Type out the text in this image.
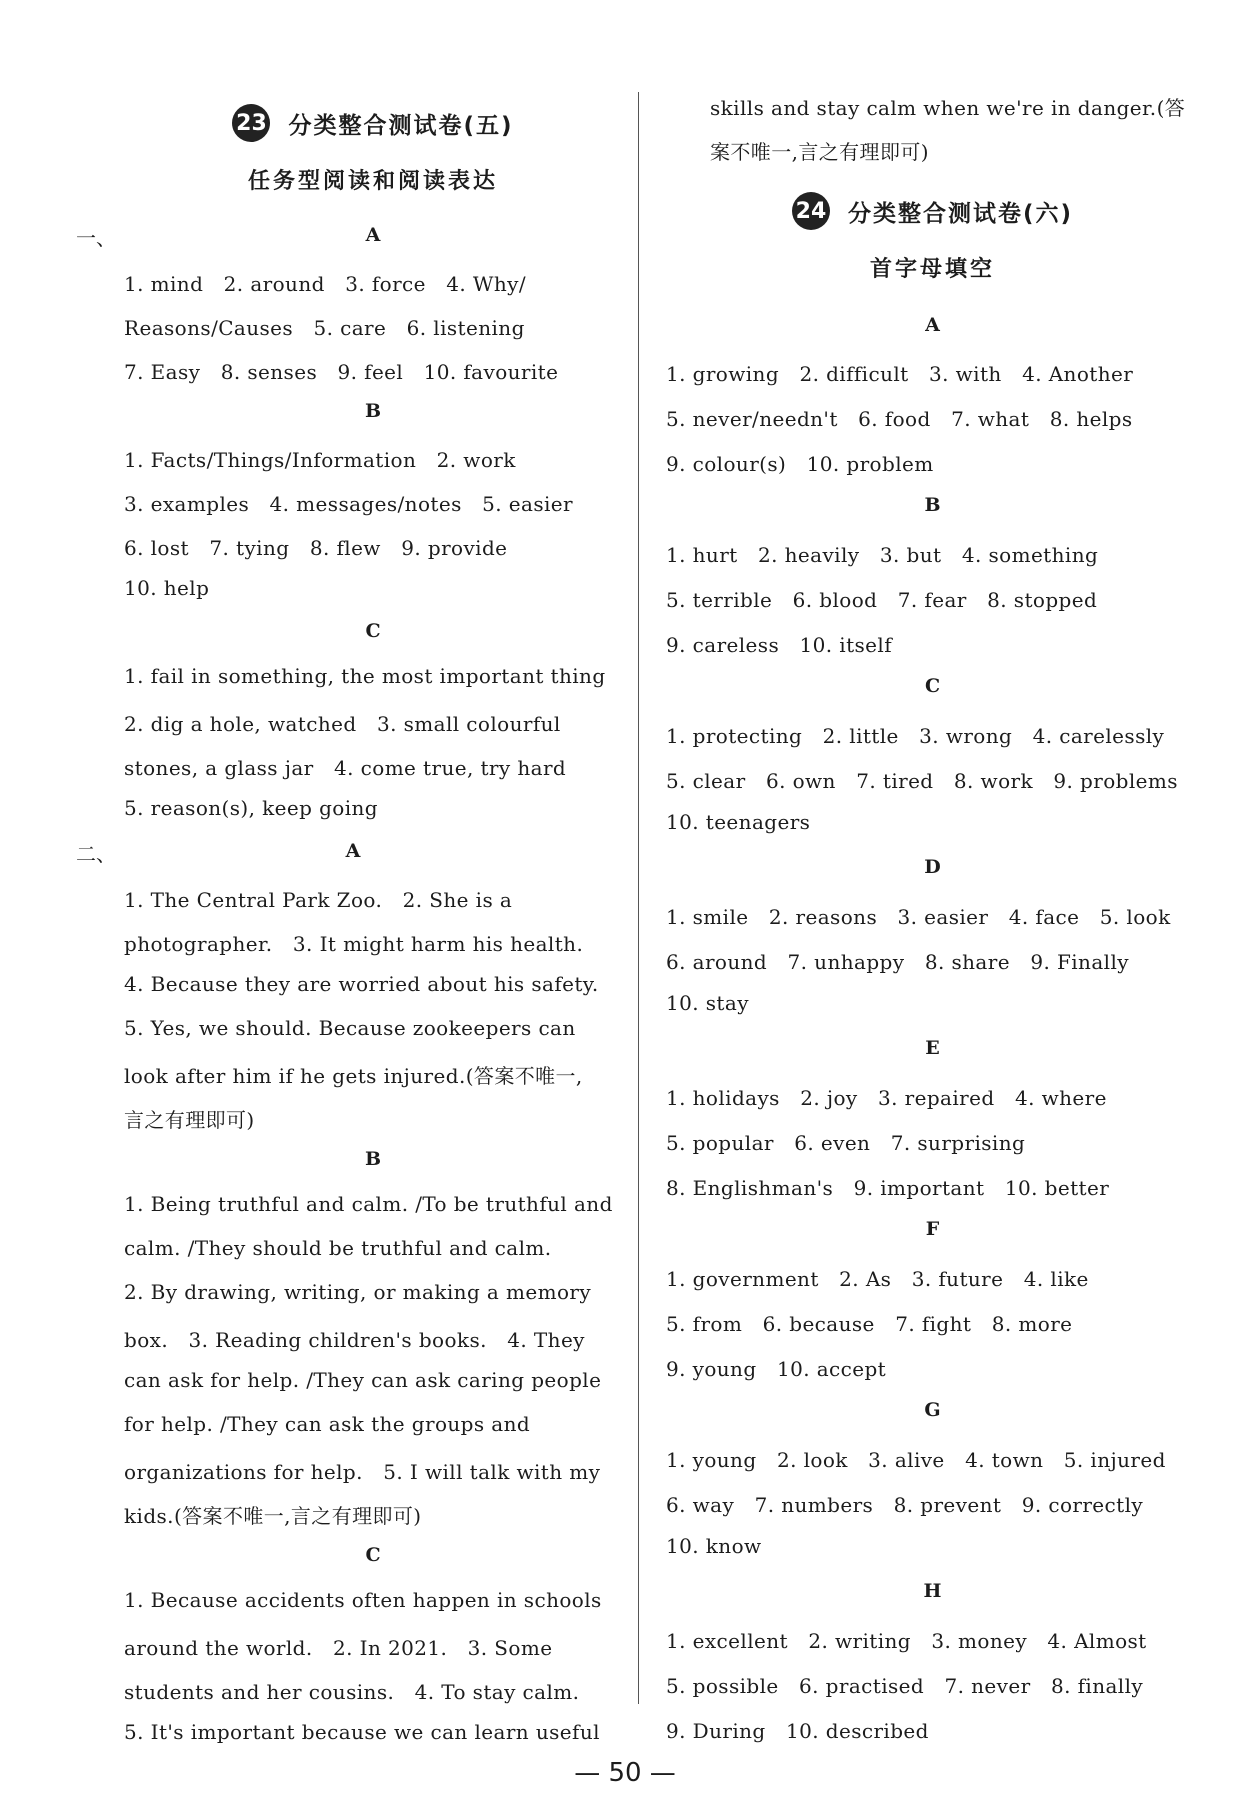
23 分类整合测试卷(五)
任务型阅读和阅读表达
一、	A
1. mind　2. around　3. force　4. Why/
Reasons/Causes　5. care　6. listening
7. Easy　8. senses　9. feel　10. favourite
B
1. Facts/Things/Information　2. work
3. examples　4. messages/notes　5. easier
6. lost　7. tying　8. flew　9. provide
10. help
C
1. fail in something, the most important thing
2. dig a hole, watched　3. small colourful
stones, a glass jar　4. come true, try hard
5. reason(s), keep going
二、	A
1. The Central Park Zoo.　2. She is a
photographer.　3. It might harm his health.
4. Because they are worried about his safety.
5. Yes, we should. Because zookeepers can
look after him if he gets injured.(答案不唯一,
言之有理即可)
B
1. Being truthful and calm. /To be truthful and
calm. /They should be truthful and calm.
2. By drawing, writing, or making a memory
box.　3. Reading children's books.　4. They
can ask for help. /They can ask caring people
for help. /They can ask the groups and
organizations for help.　5. I will talk with my
kids.(答案不唯一,言之有理即可)
C
1. Because accidents often happen in schools
around the world.　2. In 2021.　3. Some
students and her cousins.　4. To stay calm.
5. It's important because we can learn useful
skills and stay calm when we're in danger.(答
案不唯一,言之有理即可)
24 分类整合测试卷(六)
首字母填空
A
1. growing　2. difficult　3. with　4. Another
5. never/needn't　6. food　7. what　8. helps
9. colour(s)　10. problem
B
1. hurt　2. heavily　3. but　4. something
5. terrible　6. blood　7. fear　8. stopped
9. careless　10. itself
C
1. protecting　2. little　3. wrong　4. carelessly
5. clear　6. own　7. tired　8. work　9. problems
10. teenagers
D
1. smile　2. reasons　3. easier　4. face　5. look
6. around　7. unhappy　8. share　9. Finally
10. stay
E
1. holidays　2. joy　3. repaired　4. where
5. popular　6. even　7. surprising
8. Englishman's　9. important　10. better
F
1. government　2. As　3. future　4. like
5. from　6. because　7. fight　8. more
9. young　10. accept
G
1. young　2. look　3. alive　4. town　5. injured
6. way　7. numbers　8. prevent　9. correctly
10. know
H
1. excellent　2. writing　3. money　4. Almost
5. possible　6. practised　7. never　8. finally
9. During　10. described
— 50 —
